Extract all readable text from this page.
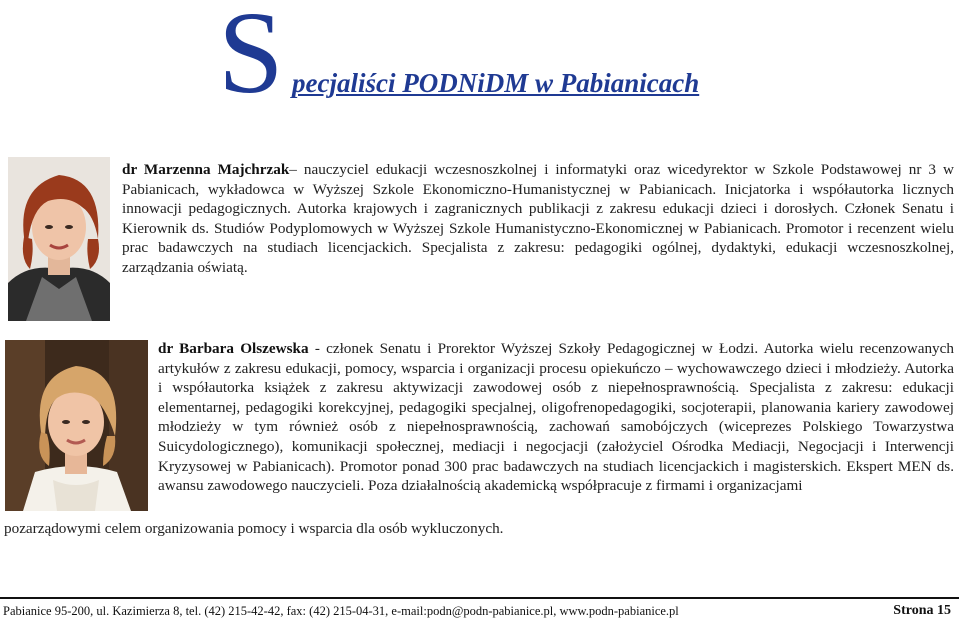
S pecjaliści PODNiDM w Pabianicach
dr Marzenna Majchrzak– nauczyciel edukacji wczesnoszkolnej i informatyki oraz wicedyrektor w Szkole Podstawowej nr 3 w Pabianicach, wykładowca w Wyższej Szkole Ekonomiczno-Humanistycznej w Pabianicach. Inicjatorka i współautorka licznych innowacji pedagogicznych. Autorka krajowych i zagranicznych publikacji z zakresu edukacji dzieci i dorosłych. Członek Senatu i Kierownik ds. Studiów Podyplomowych w Wyższej Szkole Humanistyczno-Ekonomicznej w Pabianicach. Promotor i recenzent wielu prac badawczych na studiach licencjackich. Specjalista z zakresu: pedagogiki ogólnej, dydaktyki, edukacji wczesnoszkolnej, zarządzania oświatą.
dr Barbara Olszewska - członek Senatu i Prorektor Wyższej Szkoły Pedagogicznej w Łodzi. Autorka wielu recenzowanych artykułów z zakresu edukacji, pomocy, wsparcia i organizacji procesu opiekuńczo – wychowawczego dzieci i młodzieży. Autorka i współautorka książek z zakresu aktywizacji zawodowej osób z niepełnosprawnością. Specjalista z zakresu: edukacji elementarnej, pedagogiki korekcyjnej, pedagogiki specjalnej, oligofrenopedagogiki, socjoterapii, planowania kariery zawodowej młodzieży w tym również osób z niepełnosprawnością, zachowań samobójczych (wiceprezes Polskiego Towarzystwa Suicydologicznego), komunikacji społecznej, mediacji i negocjacji (założyciel Ośrodka Mediacji, Negocjacji i Interwencji Kryzysowej w Pabianicach). Promotor ponad 300 prac badawczych na studiach licencjackich i magisterskich. Ekspert MEN ds. awansu zawodowego nauczycieli. Poza działalnością akademicką współpracuje z firmami i organizacjami
pozarządowymi celem organizowania pomocy i wsparcia dla osób wykluczonych.
Pabianice 95-200, ul. Kazimierza 8, tel. (42) 215-42-42, fax: (42) 215-04-31, e-mail:podn@podn-pabianice.pl, www.podn-pabianice.pl	Strona 15
